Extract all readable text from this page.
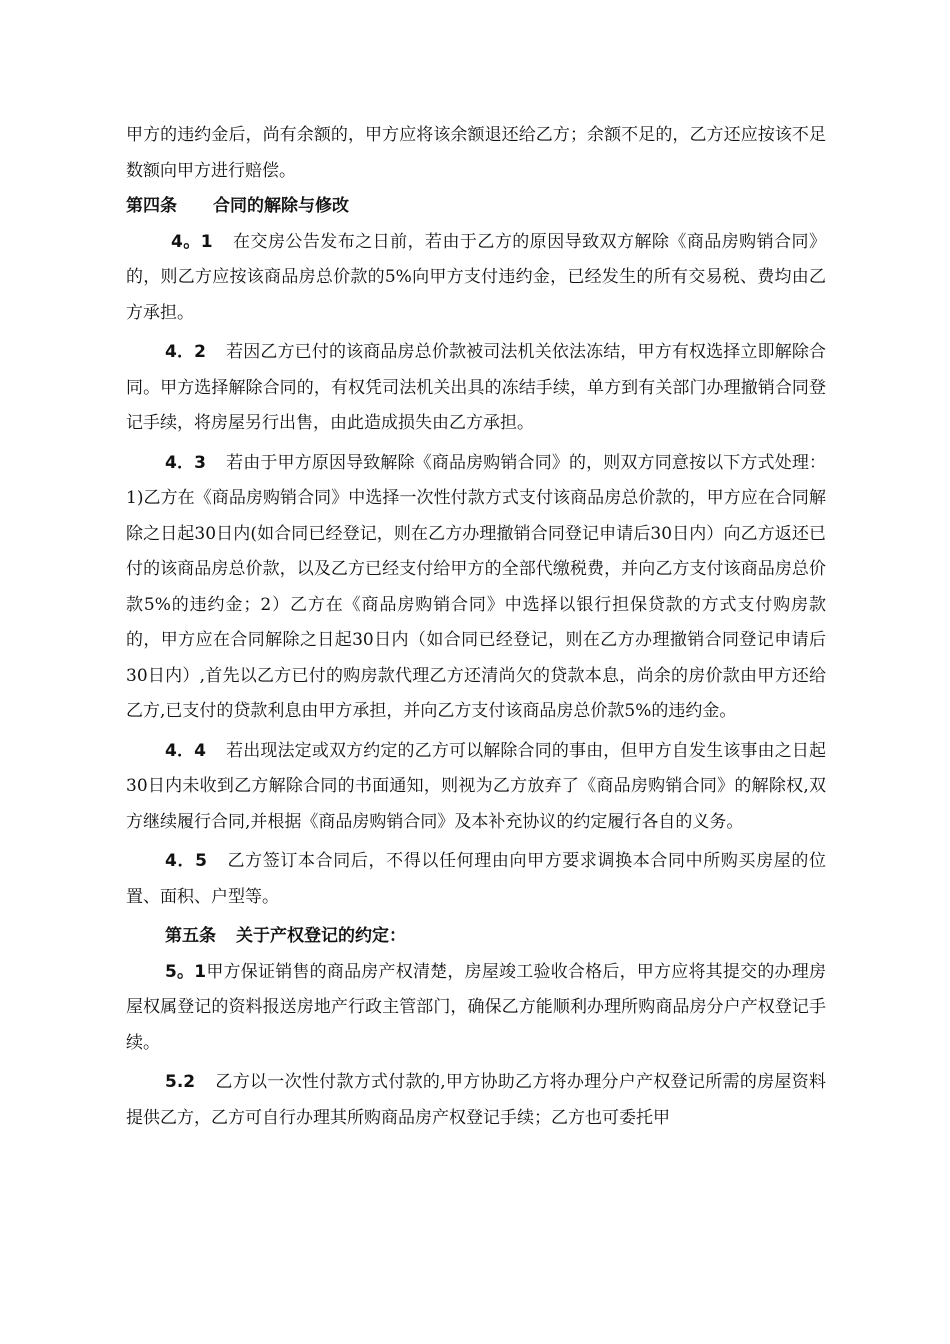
甲方的违约金后，尚有余额的，甲方应将该余额退还给乙方；余额不足的，乙方还应按该不足数额向甲方进行赔偿。

第四条 合同的解除与修改

4。1 在交房公告发布之日前，若由于乙方的原因导致双方解除《商品房购销合同》的，则乙方应按该商品房总价款的5%向甲方支付违约金，已经发生的所有交易税、费均由乙方承担。

4．2 若因乙方已付的该商品房总价款被司法机关依法冻结，甲方有权选择立即解除合同。甲方选择解除合同的，有权凭司法机关出具的冻结手续，单方到有关部门办理撤销合同登记手续，将房屋另行出售，由此造成损失由乙方承担。

4．3 若由于甲方原因导致解除《商品房购销合同》的，则双方同意按以下方式处理：1)乙方在《商品房购销合同》中选择一次性付款方式支付该商品房总价款的，甲方应在合同解除之日起30日内(如合同已经登记，则在乙方办理撤销合同登记申请后30日内）向乙方返还已付的该商品房总价款，以及乙方已经支付给甲方的全部代缴税费，并向乙方支付该商品房总价款5%的违约金；2）乙方在《商品房购销合同》中选择以银行担保贷款的方式支付购房款的，甲方应在合同解除之日起30日内（如合同已经登记，则在乙方办理撤销合同登记申请后30日内）,首先以乙方已付的购房款代理乙方还清尚欠的贷款本息，尚余的房价款由甲方还给乙方,已支付的贷款利息由甲方承担，并向乙方支付该商品房总价款5%的违约金。

4．4 若出现法定或双方约定的乙方可以解除合同的事由，但甲方自发生该事由之日起30日内未收到乙方解除合同的书面通知，则视为乙方放弃了《商品房购销合同》的解除权,双方继续履行合同,并根据《商品房购销合同》及本补充协议的约定履行各自的义务。

4．5 乙方签订本合同后，不得以任何理由向甲方要求调换本合同中所购买房屋的位置、面积、户型等。

第五条 关于产权登记的约定：

5。1甲方保证销售的商品房产权清楚，房屋竣工验收合格后，甲方应将其提交的办理房屋权属登记的资料报送房地产行政主管部门，确保乙方能顺利办理所购商品房分户产权登记手续。

5.2 乙方以一次性付款方式付款的,甲方协助乙方将办理分户产权登记所需的房屋资料提供乙方，乙方可自行办理其所购商品房产权登记手续；乙方也可委托甲
